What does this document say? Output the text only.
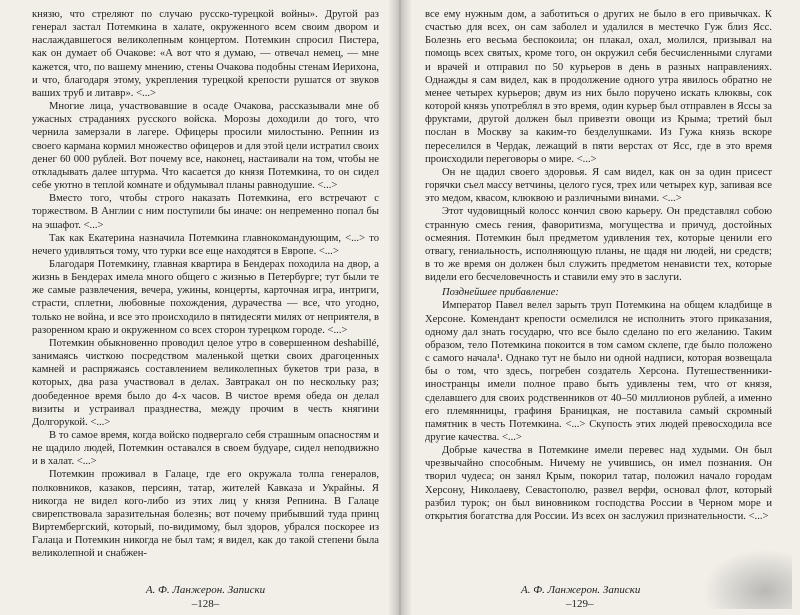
князю, что стреляют по случаю русско-турецкой войны». Другой раз генерал застал Потемкина в халате, окруженного всем своим двором и наслаждавшегося великолепным концертом. Потемкин спросил Пистера, как он думает об Очакове: «А вот что я думаю, — отвечал немец, — мне кажется, что, по вашему мнению, стены Очакова подобны стенам Иерихона, и что, благодаря этому, укрепления турецкой крепости рушатся от звуков ваших труб и литавр». <...>

Многие лица, участвовавшие в осаде Очакова, рассказывали мне об ужасных страданиях русского войска. Морозы доходили до того, что чернила замерзали в лагере. Офицеры просили милостыню. Репнин из своего кармана кормил множество офицеров и для этой цели истратил своих денег 60 000 рублей. Вот почему все, наконец, настаивали на том, чтобы не откладывать далее штурма. Что касается до князя Потемкина, то он сидел себе уютно в теплой комнате и обдумывал планы равнодушие. <...>

Вместо того, чтобы строго наказать Потемкина, его встречают с торжеством. В Англии с ним поступили бы иначе: он непременно попал бы на эшафот. <...>

Так как Екатерина назначила Потемкина главнокомандующим, <...> то нечего удивляться тому, что турки все еще находятся в Европе. <...>

Благодаря Потемкину, главная квартира в Бендерах походила на двор, а жизнь в Бендерах имела много общего с жизнью в Петербурге; тут были те же самые развлечения, вечера, ужины, концерты, карточная игра, интриги, страсти, сплетни, любовные похождения, дурачества — все, что угодно, только не война, и все это происходило в пятидесяти милях от неприятеля, в разоренном краю и окруженном со всех сторон турецком городе. <...>

Потемкин обыкновенно проводил целое утро в совершенном deshabillé, занимаясь чисткою посредством маленькой щетки своих драгоценных камней и распряжаясь составлением великолепных букетов три раза, в которых, два раза участвовал в делах. Завтракал он по нескольку раз; дообеденное время было до 4-х часов. В чистое время обеда он делал визиты и устраивал празднества, между прочим в честь княгини Долгорукой. <...>

В то самое время, когда войско подвергало себя страшным опасностям и не щадило людей, Потемкин оставался в своем будуаре, сидел неподвижно и в халат. <...>

Потемкин проживал в Галаце, где его окружала толпа генералов, полковников, казаков, персиян, татар, жителей Кавказа и Украйны. Я никогда не видел кого-либо из этих лиц у князя Репнина. В Галаце свирепствовала заразительная болезнь; вот почему прибывший туда принц Виртембергский, который, по-видимому, был здоров, убрался поскорее из Галаца и Потемкин никогда не был там; я видел, как до такой степени была великолепной и снабжен-

А. Ф. Ланжерон. Записки
–128–

все ему нужным дом, а заботиться о других не было в его привычках. К счастью для всех, он сам заболел и удалился в местечко Гуж близ Ясс. Болезнь его весьма беспокоила; он плакал, охал, молился, призывал на помощь всех святых, кроме того, он окружил себя бесчисленными слугами и врачей и отправил по 50 курьеров в день в разных направлениях. Однажды я сам видел, как в продолжение одного утра явилось обратно не менее четырех курьеров; двум из них было поручено искать клюквы, сок которой князь употреблял в это время, один курьер был отправлен в Яссы за фруктами, другой должен был привезти овощи из Крыма; третий был послан в Москву за каким-то безделушками. Из Гужа князь вскоре переселился в Чердак, лежащий в пяти верстах от Ясс, где в это время происходили переговоры о мире. <...>

Он не щадил своего здоровья. Я сам видел, как он за один присест горячки съел массу ветчины, целого гуся, трех или четырех кур, запивая все это медом, квасом, клюквою и различными винами. <...>

Этот чудовищный колосс кончил свою карьеру. Он представлял собою странную смесь гения, фаворитизма, могущества и причуд, достойных осмеяния. Потемкин был предметом удивления тех, которые ценили его отвагу, гениальность, исполняющую планы, не щадя ни людей, ни средств; в то же время он должен был служить предметом ненависти тех, которые видели его бесчеловечность и ставили ему это в заслуги.

Позднейшее прибавление:

Император Павел велел зарыть труп Потемкина на общем кладбище в Херсоне. Комендант крепости осмелился не исполнить этого приказания, одному дал знать государю, что все было сделано по его желанию. Таким образом, тело Потемкина покоится в том самом склепе, где было положено с самого начала¹. Однако тут не было ни одной надписи, которая возвещала бы о том, что здесь, погребен создатель Херсона. Путешественники-иностранцы имели полное право быть удивлены тем, что от князя, сделавшего для своих родственников от 40–50 миллионов рублей, а именно его племянницы, графиня Браницкая, не поставила самый скромный памятник в честь Потемкина. <...> Скупость этих людей превосходила все другие качества. <...>

Добрые качества в Потемкине имели перевес над худыми. Он был чрезвычайно способным. Ничему не учившись, он имел познания. Он творил чудеса; он занял Крым, покорил татар, положил начало городам Херсону, Николаеву, Севастополю, развел верфи, основал флот, который разбил турок; он был виновником господства России в Черном море и открытия богатства для России. Из всех он заслужил признательности. <...>

А. Ф. Ланжерон. Записки
–129–
